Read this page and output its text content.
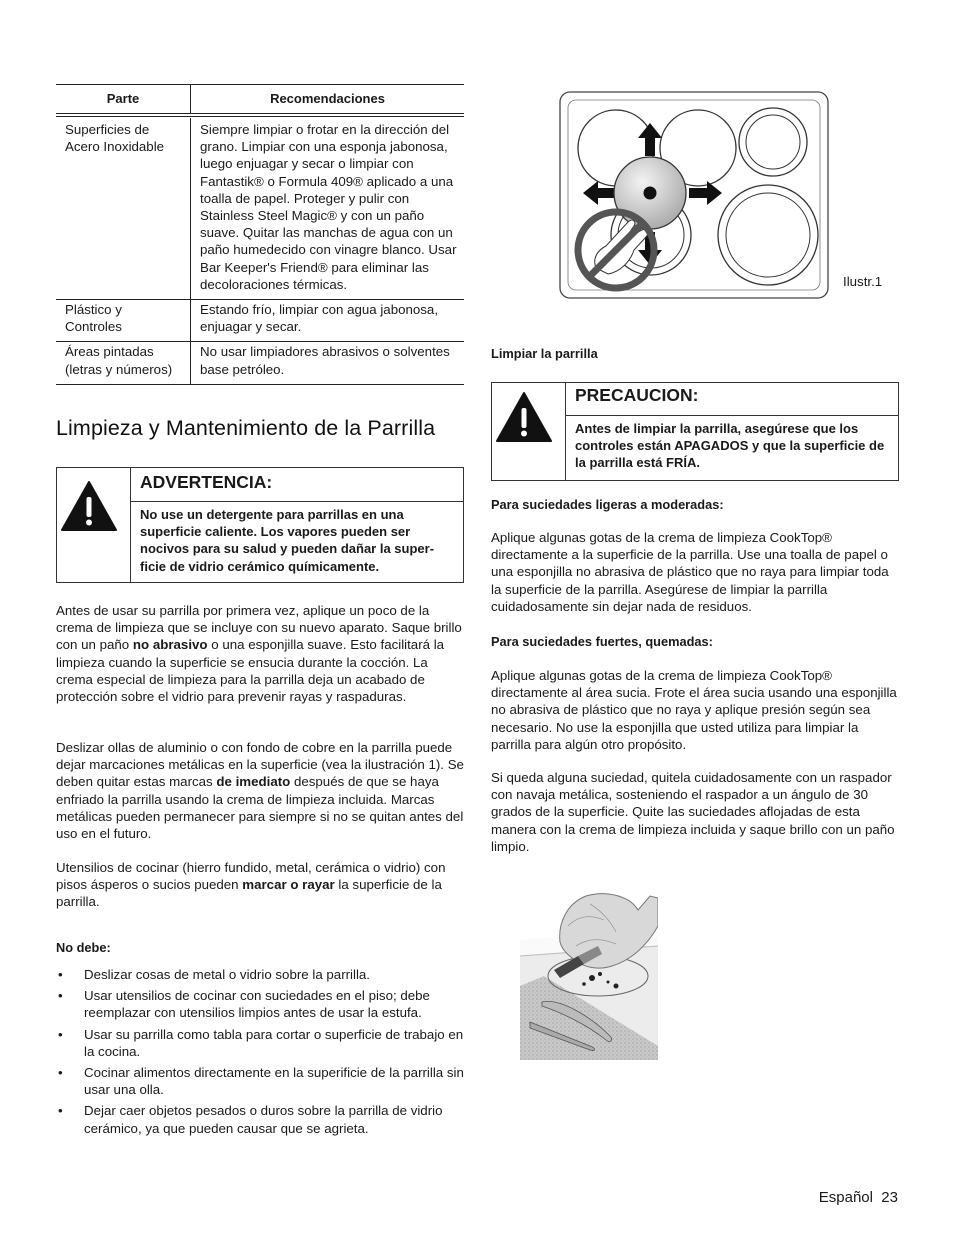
Parte	Recomendaciones
Superficies de Acero Inoxidable
Siempre limpiar o frotar en la dirección del grano. Limpiar con una esponja jabonosa, luego enjuagar y secar o limpiar con Fantastik® o Formula 409® aplicado a una toalla de papel. Proteger y pulir con Stainless Steel Magic® y con un paño suave. Quitar las manchas de agua con un paño humedecido con vinagre blanco. Usar Bar Keeper's Friend® para eliminar las decoloraciones térmicas.
Plástico y Controles
Estando frío, limpiar con agua jabonosa, enjuagar y secar.
Áreas pintadas (letras y números)
No usar limpiadores abrasivos o solventes base petróleo.
Limpieza y Mantenimiento de la Parrilla
ADVERTENCIA:
No use un detergente para parrillas en una superficie caliente. Los vapores pueden ser nocivos para su salud y pueden dañar la super-ficie de vidrio cerámico químicamente.

Antes de usar su parrilla por primera vez, aplique un poco de la crema de limpieza que se incluye con su nuevo aparato. Saque brillo con un paño no abrasivo o una esponjilla suave. Esto facilitará la limpieza cuando la superficie se ensucia durante la cocción. La crema especial de limpieza para la parrilla deja un acabado de protección sobre el vidrio para prevenir rayas y raspaduras.

Deslizar ollas de aluminio o con fondo de cobre en la parrilla puede dejar marcaciones metálicas en la superficie (vea la ilustración 1). Se deben quitar estas marcas de imediato después de que se haya enfriado la parrilla usando la crema de limpieza incluida. Marcas metálicas pueden permanecer para siempre si no se quitan antes del uso en el futuro.

Utensilios de cocinar (hierro fundido, metal, cerámica o vidrio) con pisos ásperos o sucios pueden marcar o rayar la superficie de la parrilla.

No debe:
• Deslizar cosas de metal o vidrio sobre la parrilla.
• Usar utensilios de cocinar con suciedades en el piso; debe reemplazar con utensilios limpios antes de usar la estufa.
• Usar su parrilla como tabla para cortar o superficie de trabajo en la cocina.
• Cocinar alimentos directamente en la superificie de la parrilla sin usar una olla.
• Dejar caer objetos pesados o duros sobre la parrilla de vidrio cerámico, ya que pueden causar que se agrieta.
Ilustr.1
Limpiar la parrilla
PRECAUCION:
Antes de limpiar la parrilla, asegúrese que los controles están APAGADOS y que la superficie de la parrilla está FRÍA.
Para suciedades ligeras a moderadas:

Aplique algunas gotas de la crema de limpieza CookTop® directamente a la superficie de la parrilla. Use una toalla de papel o una esponjilla no abrasiva de plástico que no raya para limpiar toda la superficie de la parrilla. Asegúrese de limpiar la parrilla cuidadosamente sin dejar nada de residuos.

Para suciedades fuertes, quemadas:

Aplique algunas gotas de la crema de limpieza CookTop® directamente al área sucia. Frote el área sucia usando una esponjilla no abrasiva de plástico que no raya y aplique presión según sea necesario. No use la esponjilla que usted utiliza para limpiar la parrilla para algún otro propósito.

Si queda alguna suciedad, quitela cuidadosamente con un raspador con navaja metálica, sosteniendo el raspador a un ángulo de 30 grados de la superficie. Quite las suciedades aflojadas de esta manera con la crema de limpieza incluida y saque brillo con un paño limpio.

Español  23
